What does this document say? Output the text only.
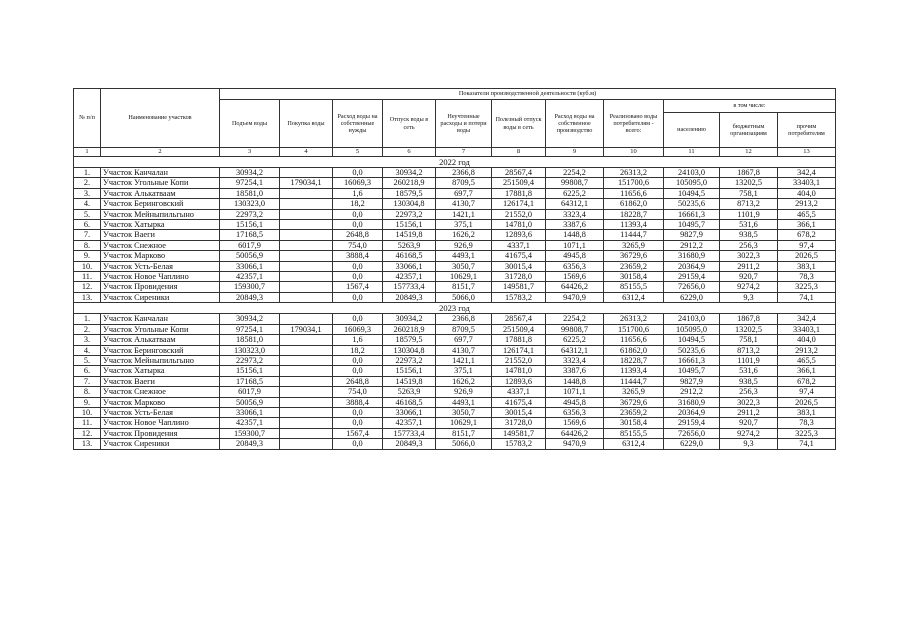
№ п/п	Наименование участков	Показатели производственной деятельности (куб.м)										
		Подъем воды	Покупка воды	Расход воды на собственные нужды	Отпуск воды в сеть	Неучтенные расходы и потери воды	Полезный отпуск воды в сеть	Расход воды на собственное производство	Реализовано воды потребителям - всего:	в том числе:		
										населению	бюджетным организациям	прочим потребителям
1	2	3	4	5	6	7	8	9	10	11	12	13
2022 год												
1.	Участок Канчалан	30934,2		0,0	30934,2	2366,8	28567,4	2254,2	26313,2	24103,0	1867,8	342,4
2.	Участок Угольные Копи	97254,1	179034,1	16069,3	260218,9	8709,5	251509,4	99808,7	151700,6	105095,0	13202,5	33403,1
3.	Участок Алькатваам	18581,0		1,6	18579,5	697,7	17881,8	6225,2	11656,6	10494,5	758,1	404,0
4.	Участок Беринговский	130323,0		18,2	130304,8	4130,7	126174,1	64312,1	61862,0	50235,6	8713,2	2913,2
5.	Участок Мейныпильгыно	22973,2		0,0	22973,2	1421,1	21552,0	3323,4	18228,7	16661,3	1101,9	465,5
6.	Участок Хатырка	15156,1		0,0	15156,1	375,1	14781,0	3387,6	11393,4	10495,7	531,6	366,1
7.	Участок Ваеги	17168,5		2648,8	14519,8	1626,2	12893,6	1448,8	11444,7	9827,9	938,5	678,2
8.	Участок Снежное	6017,9		754,0	5263,9	926,9	4337,1	1071,1	3265,9	2912,2	256,3	97,4
9.	Участок Марково	50056,9		3888,4	46168,5	4493,1	41675,4	4945,8	36729,6	31680,9	3022,3	2026,5
10.	Участок Усть-Белая	33066,1		0,0	33066,1	3050,7	30015,4	6356,3	23659,2	20364,9	2911,2	383,1
11.	Участок Новое Чаплино	42357,1		0,0	42357,1	10629,1	31728,0	1569,6	30158,4	29159,4	920,7	78,3
12.	Участок Провидения	159300,7		1567,4	157733,4	8151,7	149581,7	64426,2	85155,5	72656,0	9274,2	3225,3
13.	Участок Сиреники	20849,3		0,0	20849,3	5066,0	15783,2	9470,9	6312,4	6229,0	9,3	74,1
2023 год												
1.	Участок Канчалан	30934,2		0,0	30934,2	2366,8	28567,4	2254,2	26313,2	24103,0	1867,8	342,4
2.	Участок Угольные Копи	97254,1	179034,1	16069,3	260218,9	8709,5	251509,4	99808,7	151700,6	105095,0	13202,5	33403,1
3.	Участок Алькатваам	18581,0		1,6	18579,5	697,7	17881,8	6225,2	11656,6	10494,5	758,1	404,0
4.	Участок Беринговский	130323,0		18,2	130304,8	4130,7	126174,1	64312,1	61862,0	50235,6	8713,2	2913,2
5.	Участок Мейныпильгыно	22973,2		0,0	22973,2	1421,1	21552,0	3323,4	18228,7	16661,3	1101,9	465,5
6.	Участок Хатырка	15156,1		0,0	15156,1	375,1	14781,0	3387,6	11393,4	10495,7	531,6	366,1
7.	Участок Ваеги	17168,5		2648,8	14519,8	1626,2	12893,6	1448,8	11444,7	9827,9	938,5	678,2
8.	Участок Снежное	6017,9		754,0	5263,9	926,9	4337,1	1071,1	3265,9	2912,2	256,3	97,4
9.	Участок Марково	50056,9		3888,4	46168,5	4493,1	41675,4	4945,8	36729,6	31680,9	3022,3	2026,5
10.	Участок Усть-Белая	33066,1		0,0	33066,1	3050,7	30015,4	6356,3	23659,2	20364,9	2911,2	383,1
11.	Участок Новое Чаплино	42357,1		0,0	42357,1	10629,1	31728,0	1569,6	30158,4	29159,4	920,7	78,3
12.	Участок Провидения	159300,7		1567,4	157733,4	8151,7	149581,7	64426,2	85155,5	72656,0	9274,2	3225,3
13.	Участок Сиреники	20849,3		0,0	20849,3	5066,0	15783,2	9470,9	6312,4	6229,0	9,3	74,1
